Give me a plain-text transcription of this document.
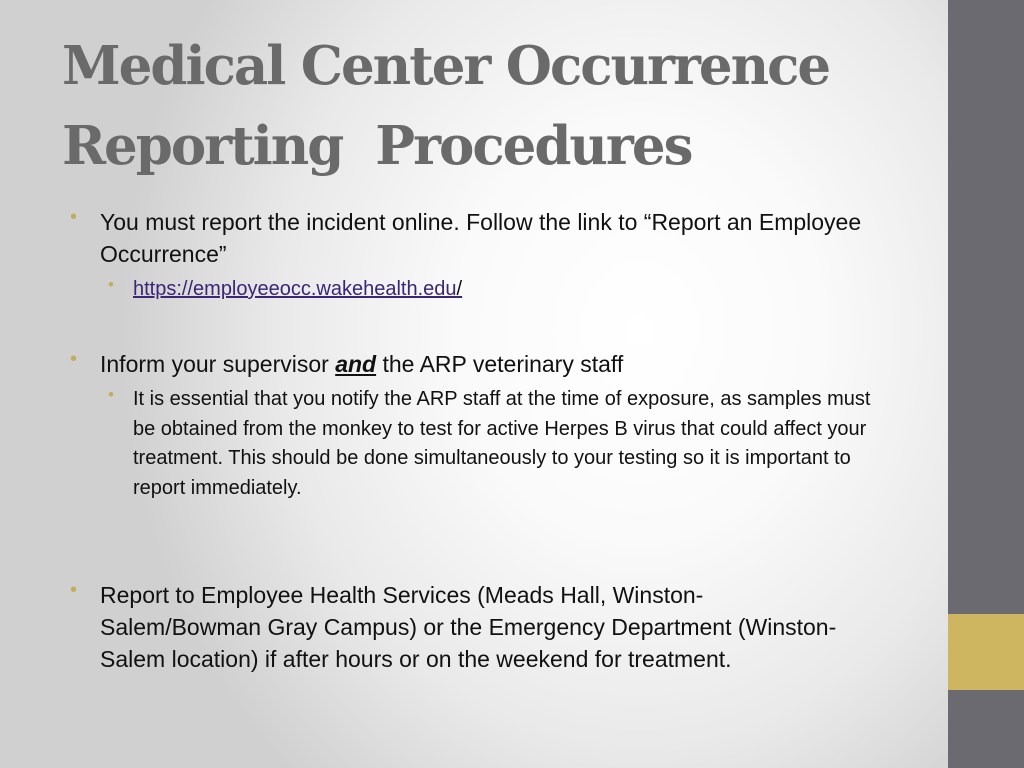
Medical Center Occurrence
Reporting  Procedures
• You must report the incident online. Follow the link to “Report an Employee Occurrence”
• https://employeeocc.wakehealth.edu/
• Inform your supervisor and the ARP veterinary staff
• It is essential that you notify the ARP staff at the time of exposure, as samples must be obtained from the monkey to test for active Herpes B virus that could affect your treatment. This should be done simultaneously to your testing so it is important to report immediately.
• Report to Employee Health Services (Meads Hall, Winston-Salem/Bowman Gray Campus) or the Emergency Department (Winston-Salem location) if after hours or on the weekend for treatment.
